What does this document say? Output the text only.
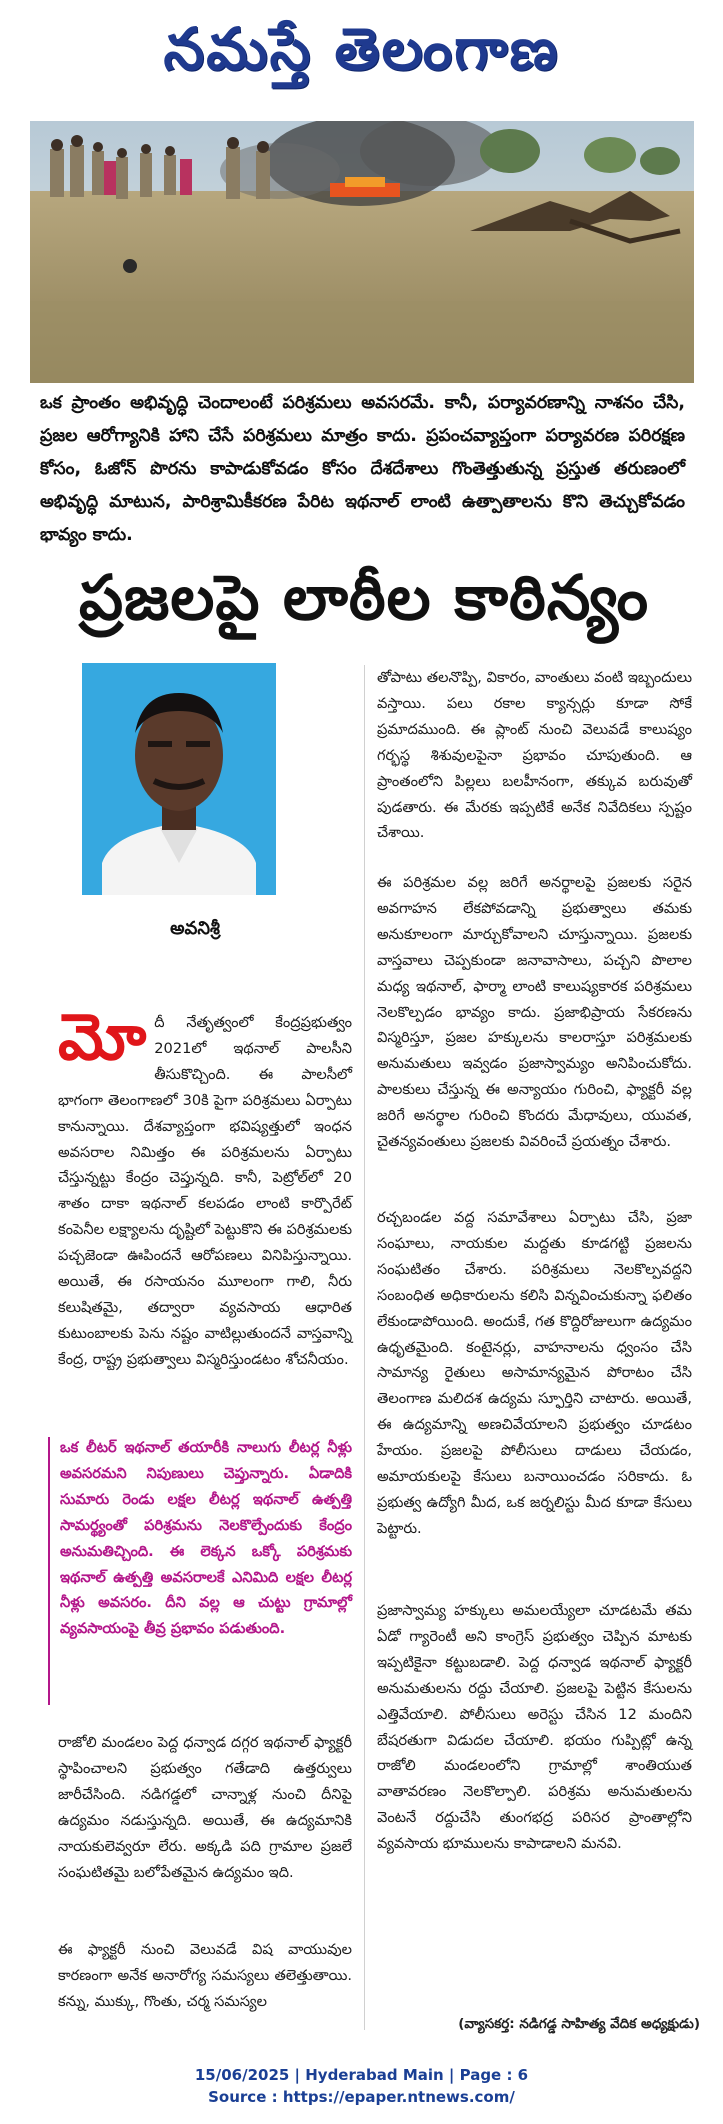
నమస్తే తెలంగాణ
ఒక ప్రాంతం అభివృద్ధి చెందాలంటే పరిశ్రమలు అవసరమే. కానీ, పర్యావరణాన్ని నాశనం చేసి, ప్రజల ఆరోగ్యానికి హాని చేసే పరిశ్రమలు మాత్రం కాదు. ప్రపంచవ్యాప్తంగా పర్యావరణ పరిరక్షణ కోసం, ఓజోన్ పొరను కాపాడుకోవడం కోసం దేశదేశాలు గొంతెత్తుతున్న ప్రస్తుత తరుణంలో అభివృద్ధి మాటున, పారిశ్రామికీకరణ పేరిట ఇథనాల్ లాంటి ఉత్పాతాలను కొని తెచ్చుకోవడం భావ్యం కాదు.
ప్రజలపై లాఠీల కాఠిన్యం
అవనిశ్రీ
మోదీ నేతృత్వంలో కేంద్రప్రభుత్వం 2021లో ఇథనాల్ పాలసీని తీసుకొచ్చింది. ఈ పాలసీలో భాగంగా తెలంగాణలో 30కి పైగా పరిశ్రమలు ఏర్పాటు కానున్నాయి. దేశవ్యాప్తంగా భవిష్యత్తులో ఇంధన అవసరాల నిమిత్తం ఈ పరిశ్రమలను ఏర్పాటు చేస్తున్నట్టు కేంద్రం చెప్తున్నది. కానీ, పెట్రోల్‌లో 20 శాతం దాకా ఇథనాల్ కలపడం లాంటి కార్పొరేట్ కంపెనీల లక్ష్యాలను దృష్టిలో పెట్టుకొని ఈ పరిశ్రమలకు పచ్చజెండా ఊపిందనే ఆరోపణలు వినిపిస్తున్నాయి. అయితే, ఈ రసాయనం మూలంగా గాలి, నీరు కలుషితమై, తద్వారా వ్యవసాయ ఆధారిత కుటుంబాలకు పెను నష్టం వాటిల్లుతుందనే వాస్తవాన్ని కేంద్ర, రాష్ట్ర ప్రభుత్వాలు విస్మరిస్తుండటం శోచనీయం.
ఒక లీటర్ ఇథనాల్ తయారీకి నాలుగు లీటర్ల నీళ్లు అవసరమని నిపుణులు చెప్తున్నారు. ఏడాదికి సుమారు రెండు లక్షల లీటర్ల ఇథనాల్ ఉత్పత్తి సామర్థ్యంతో పరిశ్రమను నెలకొల్పేందుకు కేంద్రం అనుమతిచ్చింది. ఈ లెక్కన ఒక్కో పరిశ్రమకు ఇథనాల్ ఉత్పత్తి అవసరాలకే ఎనిమిది లక్షల లీటర్ల నీళ్లు అవసరం. దీని వల్ల ఆ చుట్టు గ్రామాల్లో వ్యవసాయంపై తీవ్ర ప్రభావం పడుతుంది.
రాజోలి మండలం పెద్ద ధన్వాడ దగ్గర ఇథనాల్ ఫ్యాక్టరీ స్థాపించాలని ప్రభుత్వం గతేడాది ఉత్తర్వులు జారీచేసింది. నడిగడ్డలో చాన్నాళ్ల నుంచి దీనిపై ఉద్యమం నడుస్తున్నది. అయితే, ఈ ఉద్యమానికి నాయకులెవ్వరూ లేరు. అక్కడి పది గ్రామాల ప్రజలే సంఘటితమై బలోపేతమైన ఉద్యమం ఇది.
ఈ ఫ్యాక్టరీ నుంచి వెలువడే విష వాయువుల కారణంగా అనేక అనారోగ్య సమస్యలు తలెత్తుతాయి. కన్ను, ముక్కు, గొంతు, చర్మ సమస్యల
తోపాటు తలనొప్పి, వికారం, వాంతులు వంటి ఇబ్బందులు వస్తాయి. పలు రకాల క్యాన్సర్లు కూడా సోకే ప్రమాదముంది. ఈ ప్లాంట్ నుంచి వెలువడే కాలుష్యం గర్భస్థ శిశువులపైనా ప్రభావం చూపుతుంది. ఆ ప్రాంతంలోని పిల్లలు బలహీనంగా, తక్కువ బరువుతో పుడతారు. ఈ మేరకు ఇప్పటికే అనేక నివేదికలు స్పష్టం చేశాయి.
ఈ పరిశ్రమల వల్ల జరిగే అనర్థాలపై ప్రజలకు సరైన అవగాహన లేకపోవడాన్ని ప్రభుత్వాలు తమకు అనుకూలంగా మార్చుకోవాలని చూస్తున్నాయి. ప్రజలకు వాస్తవాలు చెప్పకుండా జనావాసాలు, పచ్చని పొలాల మధ్య ఇథనాల్, ఫార్మా లాంటి కాలుష్యకారక పరిశ్రమలు నెలకొల్పడం భావ్యం కాదు. ప్రజాభిప్రాయ సేకరణను విస్మరిస్తూ, ప్రజల హక్కులను కాలరాస్తూ పరిశ్రమలకు అనుమతులు ఇవ్వడం ప్రజాస్వామ్యం అనిపించుకోదు. పాలకులు చేస్తున్న ఈ అన్యాయం గురించి, ఫ్యాక్టరీ వల్ల జరిగే అనర్థాల గురించి కొందరు మేధావులు, యువత, చైతన్యవంతులు ప్రజలకు వివరించే ప్రయత్నం చేశారు.
రచ్చబండల వద్ద సమావేశాలు ఏర్పాటు చేసి, ప్రజా సంఘాలు, నాయకుల మద్దతు కూడగట్టి ప్రజలను సంఘటితం చేశారు. పరిశ్రమలు నెలకొల్పవద్దని సంబంధిత అధికారులను కలిసి విన్నవించుకున్నా ఫలితం లేకుండాపోయింది. అందుకే, గత కొద్దిరోజులుగా ఉద్యమం ఉధృతమైంది. కంటైనర్లు, వాహనాలను ధ్వంసం చేసి సామాన్య రైతులు అసామాన్యమైన పోరాటం చేసి తెలంగాణ మలిదశ ఉద్యమ స్ఫూర్తిని చాటారు. అయితే, ఈ ఉద్యమాన్ని అణచివేయాలని ప్రభుత్వం చూడటం హేయం. ప్రజలపై పోలీసులు దాడులు చేయడం, అమాయకులపై కేసులు బనాయించడం సరికాదు. ఓ ప్రభుత్వ ఉద్యోగి మీద, ఒక జర్నలిస్టు మీద కూడా కేసులు పెట్టారు.
ప్రజాస్వామ్య హక్కులు అమలయ్యేలా చూడటమే తమ ఏడో గ్యారెంటీ అని కాంగ్రెస్ ప్రభుత్వం చెప్పిన మాటకు ఇప్పటికైనా కట్టుబడాలి. పెద్ద ధన్వాడ ఇథనాల్ ఫ్యాక్టరీ అనుమతులను రద్దు చేయాలి. ప్రజలపై పెట్టిన కేసులను ఎత్తివేయాలి. పోలీసులు అరెస్టు చేసిన 12 మందిని బేషరతుగా విడుదల చేయాలి. భయం గుప్పిట్లో ఉన్న రాజోలి మండలంలోని గ్రామాల్లో శాంతియుత వాతావరణం నెలకొల్పాలి. పరిశ్రమ అనుమతులను వెంటనే రద్దుచేసి తుంగభద్ర పరిసర ప్రాంతాల్లోని వ్యవసాయ భూములను కాపాడాలని మనవి.
(వ్యాసకర్త: నడిగడ్డ సాహిత్య వేదిక అధ్యక్షుడు)
15/06/2025 | Hyderabad Main | Page : 6
Source : https://epaper.ntnews.com/
